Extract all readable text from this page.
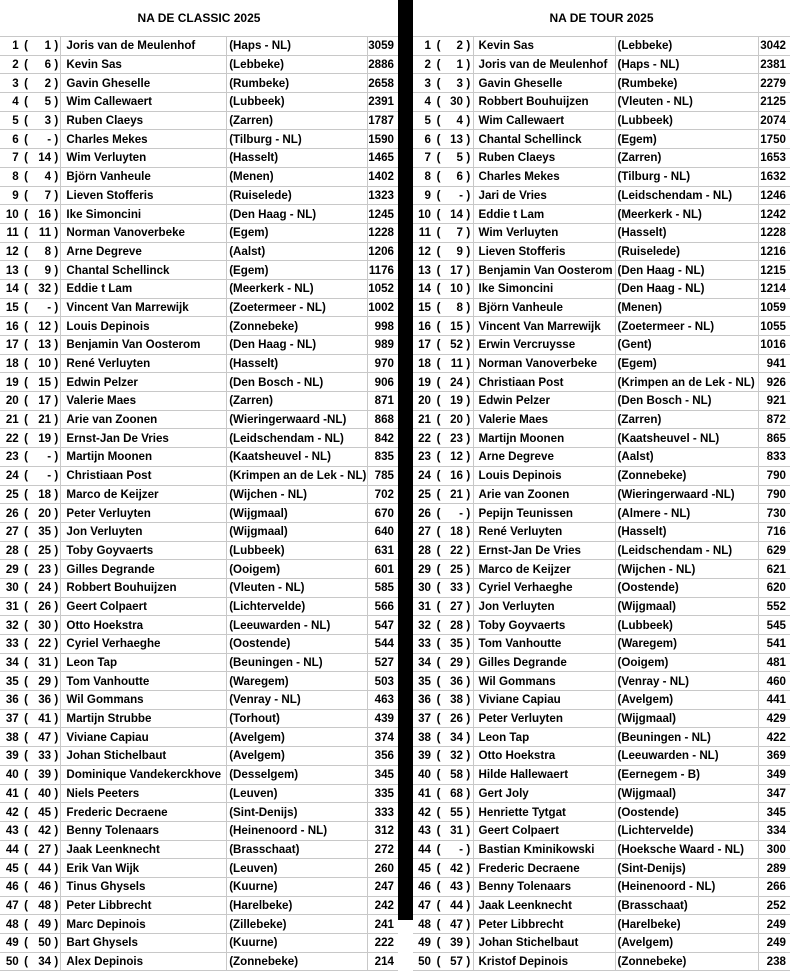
NA DE CLASSIC 2025
1	(	1	)	Joris van de Meulenhof	(Haps - NL)	3059
2	(	6	)	Kevin Sas	(Lebbeke)	2886
3	(	2	)	Gavin Gheselle	(Rumbeke)	2658
4	(	5	)	Wim Callewaert	(Lubbeek)	2391
5	(	3	)	Ruben Claeys	(Zarren)	1787
6	(	-	)	Charles Mekes	(Tilburg - NL)	1590
7	(	14	)	Wim Verluyten	(Hasselt)	1465
8	(	4	)	Björn Vanheule	(Menen)	1402
9	(	7	)	Lieven Stofferis	(Ruiselede)	1323
10	(	16	)	Ike Simoncini	(Den Haag - NL)	1245
11	(	11	)	Norman Vanoverbeke	(Egem)	1228
12	(	8	)	Arne Degreve	(Aalst)	1206
13	(	9	)	Chantal Schellinck	(Egem)	1176
14	(	32	)	Eddie t Lam	(Meerkerk - NL)	1052
15	(	-	)	Vincent Van Marrewijk	(Zoetermeer - NL)	1002
16	(	12	)	Louis Depinois	(Zonnebeke)	998
17	(	13	)	Benjamin Van Oosterom	(Den Haag - NL)	989
18	(	10	)	René Verluyten	(Hasselt)	970
19	(	15	)	Edwin Pelzer	(Den Bosch - NL)	906
20	(	17	)	Valerie Maes	(Zarren)	871
21	(	21	)	Arie van Zoonen	(Wieringerwaard -NL)	868
22	(	19	)	Ernst-Jan De Vries	(Leidschendam - NL)	842
23	(	-	)	Martijn Moonen	(Kaatsheuvel - NL)	835
24	(	-	)	Christiaan Post	(Krimpen an de Lek - NL)	785
25	(	18	)	Marco de Keijzer	(Wijchen - NL)	702
26	(	20	)	Peter Verluyten	(Wijgmaal)	670
27	(	35	)	Jon Verluyten	(Wijgmaal)	640
28	(	25	)	Toby Goyvaerts	(Lubbeek)	631
29	(	23	)	Gilles Degrande	(Ooigem)	601
30	(	24	)	Robbert Bouhuijzen	(Vleuten - NL)	585
31	(	26	)	Geert Colpaert	(Lichtervelde)	566
32	(	30	)	Otto Hoekstra	(Leeuwarden - NL)	547
33	(	22	)	Cyriel Verhaeghe	(Oostende)	544
34	(	31	)	Leon Tap	(Beuningen - NL)	527
35	(	29	)	Tom Vanhoutte	(Waregem)	503
36	(	36	)	Wil Gommans	(Venray - NL)	463
37	(	41	)	Martijn Strubbe	(Torhout)	439
38	(	47	)	Viviane Capiau	(Avelgem)	374
39	(	33	)	Johan Stichelbaut	(Avelgem)	356
40	(	39	)	Dominique Vandekerckhove	(Desselgem)	345
41	(	40	)	Niels Peeters	(Leuven)	335
42	(	45	)	Frederic Decraene	(Sint-Denijs)	333
43	(	42	)	Benny Tolenaars	(Heinenoord - NL)	312
44	(	27	)	Jaak Leenknecht	(Brasschaat)	272
45	(	44	)	Erik Van Wijk	(Leuven)	260
46	(	46	)	Tinus Ghysels	(Kuurne)	247
47	(	48	)	Peter Libbrecht	(Harelbeke)	242
48	(	49	)	Marc Depinois	(Zillebeke)	241
49	(	50	)	Bart Ghysels	(Kuurne)	222
50	(	34	)	Alex Depinois	(Zonnebeke)	214
NA DE TOUR 2025
1	(	2	)	Kevin Sas	(Lebbeke)	3042
2	(	1	)	Joris van de Meulenhof	(Haps - NL)	2381
3	(	3	)	Gavin Gheselle	(Rumbeke)	2279
4	(	30	)	Robbert Bouhuijzen	(Vleuten - NL)	2125
5	(	4	)	Wim Callewaert	(Lubbeek)	2074
6	(	13	)	Chantal Schellinck	(Egem)	1750
7	(	5	)	Ruben Claeys	(Zarren)	1653
8	(	6	)	Charles Mekes	(Tilburg - NL)	1632
9	(	-	)	Jari de Vries	(Leidschendam - NL)	1246
10	(	14	)	Eddie t Lam	(Meerkerk - NL)	1242
11	(	7	)	Wim Verluyten	(Hasselt)	1228
12	(	9	)	Lieven Stofferis	(Ruiselede)	1216
13	(	17	)	Benjamin Van Oosterom	(Den Haag - NL)	1215
14	(	10	)	Ike Simoncini	(Den Haag - NL)	1214
15	(	8	)	Björn Vanheule	(Menen)	1059
16	(	15	)	Vincent Van Marrewijk	(Zoetermeer - NL)	1055
17	(	52	)	Erwin Vercruysse	(Gent)	1016
18	(	11	)	Norman Vanoverbeke	(Egem)	941
19	(	24	)	Christiaan Post	(Krimpen an de Lek - NL)	926
20	(	19	)	Edwin Pelzer	(Den Bosch - NL)	921
21	(	20	)	Valerie Maes	(Zarren)	872
22	(	23	)	Martijn Moonen	(Kaatsheuvel - NL)	865
23	(	12	)	Arne Degreve	(Aalst)	833
24	(	16	)	Louis Depinois	(Zonnebeke)	790
25	(	21	)	Arie van Zoonen	(Wieringerwaard -NL)	790
26	(	-	)	Pepijn Teunissen	(Almere - NL)	730
27	(	18	)	René Verluyten	(Hasselt)	716
28	(	22	)	Ernst-Jan De Vries	(Leidschendam - NL)	629
29	(	25	)	Marco de Keijzer	(Wijchen - NL)	621
30	(	33	)	Cyriel Verhaeghe	(Oostende)	620
31	(	27	)	Jon Verluyten	(Wijgmaal)	552
32	(	28	)	Toby Goyvaerts	(Lubbeek)	545
33	(	35	)	Tom Vanhoutte	(Waregem)	541
34	(	29	)	Gilles Degrande	(Ooigem)	481
35	(	36	)	Wil Gommans	(Venray - NL)	460
36	(	38	)	Viviane Capiau	(Avelgem)	441
37	(	26	)	Peter Verluyten	(Wijgmaal)	429
38	(	34	)	Leon Tap	(Beuningen - NL)	422
39	(	32	)	Otto Hoekstra	(Leeuwarden - NL)	369
40	(	58	)	Hilde Hallewaert	(Eernegem - B)	349
41	(	68	)	Gert Joly	(Wijgmaal)	347
42	(	55	)	Henriette Tytgat	(Oostende)	345
43	(	31	)	Geert Colpaert	(Lichtervelde)	334
44	(	-	)	Bastian Kminikowski	(Hoeksche Waard - NL)	300
45	(	42	)	Frederic Decraene	(Sint-Denijs)	289
46	(	43	)	Benny Tolenaars	(Heinenoord - NL)	266
47	(	44	)	Jaak Leenknecht	(Brasschaat)	252
48	(	47	)	Peter Libbrecht	(Harelbeke)	249
49	(	39	)	Johan Stichelbaut	(Avelgem)	249
50	(	57	)	Kristof Depinois	(Zonnebeke)	238
